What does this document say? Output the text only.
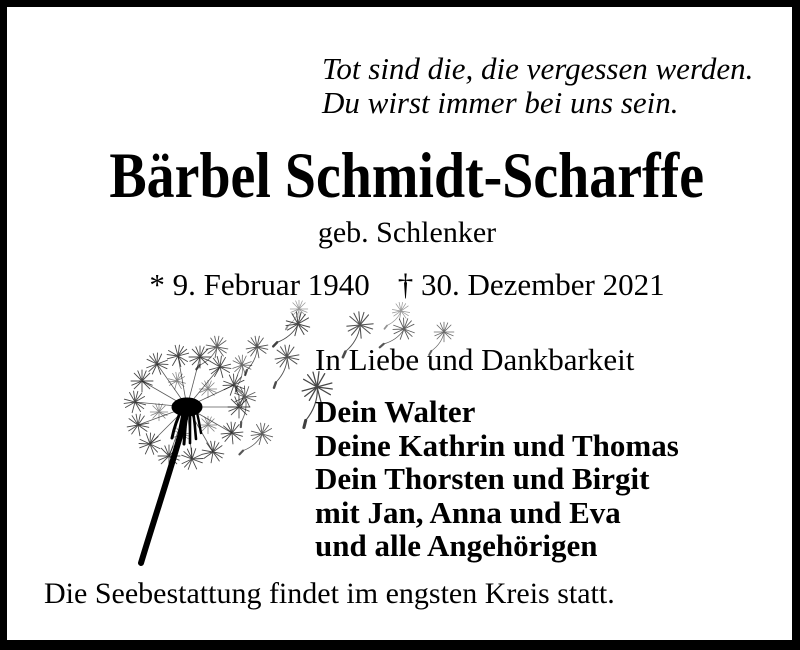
Tot sind die, die vergessen werden.
Du wirst immer bei uns sein.
Bärbel Schmidt-Scharffe
geb. Schlenker
* 9. Februar 1940 † 30. Dezember 2021
In Liebe und Dankbarkeit
Dein Walter
Deine Kathrin und Thomas
Dein Thorsten und Birgit
mit Jan, Anna und Eva
und alle Angehörigen
Die Seebestattung findet im engsten Kreis statt.
